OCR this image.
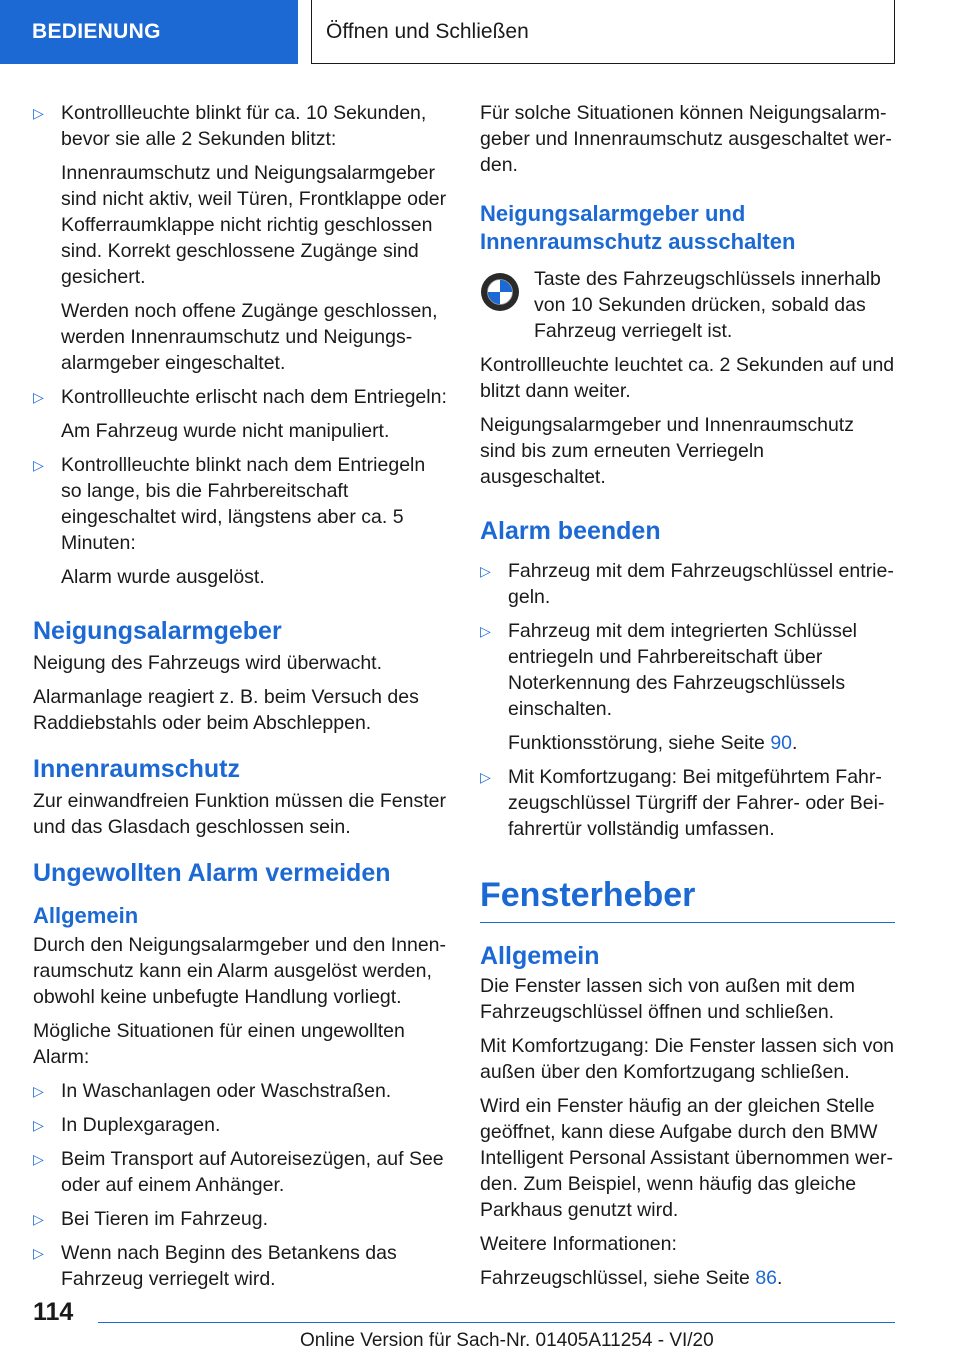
BEDIENUNG	Öffnen und Schließen
▷ Kontrollleuchte blinkt für ca. 10 Sekunden, bevor sie alle 2 Sekunden blitzt:

Innenraumschutz und Neigungsalarmgeber sind nicht aktiv, weil Türen, Frontklappe oder Kofferraumklappe nicht richtig geschlossen sind. Korrekt geschlossene Zugänge sind gesichert.

Werden noch offene Zugänge geschlossen, werden Innenraumschutz und Neigungsalarmgeber eingeschaltet.

▷ Kontrollleuchte erlischt nach dem Entriegeln:

Am Fahrzeug wurde nicht manipuliert.

▷ Kontrollleuchte blinkt nach dem Entriegeln so lange, bis die Fahrbereitschaft eingeschaltet wird, längstens aber ca. 5 Minuten:

Alarm wurde ausgelöst.

Neigungsalarmgeber

Neigung des Fahrzeugs wird überwacht.

Alarmanlage reagiert z. B. beim Versuch des Raddiebstahls oder beim Abschleppen.

Innenraumschutz

Zur einwandfreien Funktion müssen die Fenster und das Glasdach geschlossen sein.

Ungewollten Alarm vermeiden
Allgemein

Durch den Neigungsalarmgeber und den Innenraumschutz kann ein Alarm ausgelöst werden, obwohl keine unbefugte Handlung vorliegt.

Mögliche Situationen für einen ungewollten Alarm:

▷ In Waschanlagen oder Waschstraßen.
▷ In Duplexgaragen.
▷ Beim Transport auf Autoreisezügen, auf See oder auf einem Anhänger.
▷ Bei Tieren im Fahrzeug.
▷ Wenn nach Beginn des Betankens das Fahrzeug verriegelt wird.

Für solche Situationen können Neigungsalarmgeber und Innenraumschutz ausgeschaltet werden.

Neigungsalarmgeber und Innenraumschutz ausschalten

Taste des Fahrzeugschlüssels innerhalb von 10 Sekunden drücken, sobald das Fahrzeug verriegelt ist.

Kontrollleuchte leuchtet ca. 2 Sekunden auf und blitzt dann weiter.

Neigungsalarmgeber und Innenraumschutz sind bis zum erneuten Verriegeln ausgeschaltet.

Alarm beenden
▷ Fahrzeug mit dem Fahrzeugschlüssel entriegeln.
▷ Fahrzeug mit dem integrierten Schlüssel entriegeln und Fahrbereitschaft über Noterkennung des Fahrzeugschlüssels einschalten.

Funktionsstörung, siehe Seite 90.

▷ Mit Komfortzugang: Bei mitgeführtem Fahrzeugschlüssel Türgriff der Fahrer- oder Beifahrertür vollständig umfassen.
Fensterheber
Allgemein

Die Fenster lassen sich von außen mit dem Fahrzeugschlüssel öffnen und schließen.

Mit Komfortzugang: Die Fenster lassen sich von außen über den Komfortzugang schließen.

Wird ein Fenster häufig an der gleichen Stelle geöffnet, kann diese Aufgabe durch den BMW Intelligent Personal Assistant übernommen werden. Zum Beispiel, wenn häufig das gleiche Parkhaus genutzt wird.

Weitere Informationen:

Fahrzeugschlüssel, siehe Seite 86.

114
Online Version für Sach-Nr. 01405A11254 - VI/20
